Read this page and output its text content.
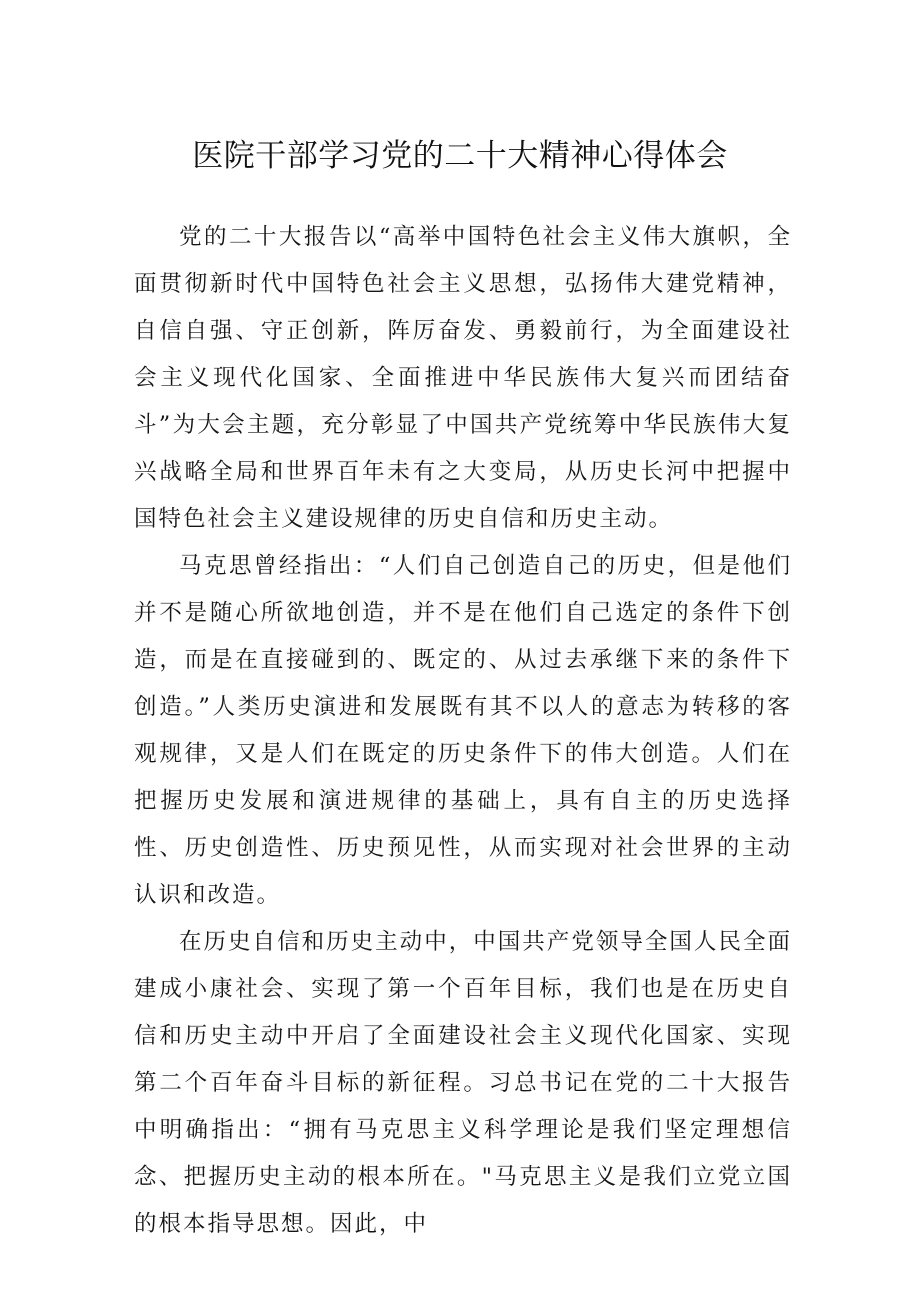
医院干部学习党的二十大精神心得体会

党的二十大报告以“高举中国特色社会主义伟大旗帜，全面贯彻新时代中国特色社会主义思想，弘扬伟大建党精神，自信自强、守正创新，阵厉奋发、勇毅前行，为全面建设社会主义现代化国家、全面推进中华民族伟大复兴而团结奋斗”为大会主题，充分彰显了中国共产党统筹中华民族伟大复兴战略全局和世界百年未有之大变局，从历史长河中把握中国特色社会主义建设规律的历史自信和历史主动。

马克思曾经指出：“人们自己创造自己的历史，但是他们并不是随心所欲地创造，并不是在他们自己选定的条件下创造，而是在直接碰到的、既定的、从过去承继下来的条件下创造。”人类历史演进和发展既有其不以人的意志为转移的客观规律，又是人们在既定的历史条件下的伟大创造。人们在把握历史发展和演进规律的基础上，具有自主的历史选择性、历史创造性、历史预见性，从而实现对社会世界的主动认识和改造。

在历史自信和历史主动中，中国共产党领导全国人民全面建成小康社会、实现了第一个百年目标，我们也是在历史自信和历史主动中开启了全面建设社会主义现代化国家、实现第二个百年奋斗目标的新征程。习总书记在党的二十大报告中明确指出：“拥有马克思主义科学理论是我们坚定理想信念、把握历史主动的根本所在。"马克思主义是我们立党立国的根本指导思想。因此，中
